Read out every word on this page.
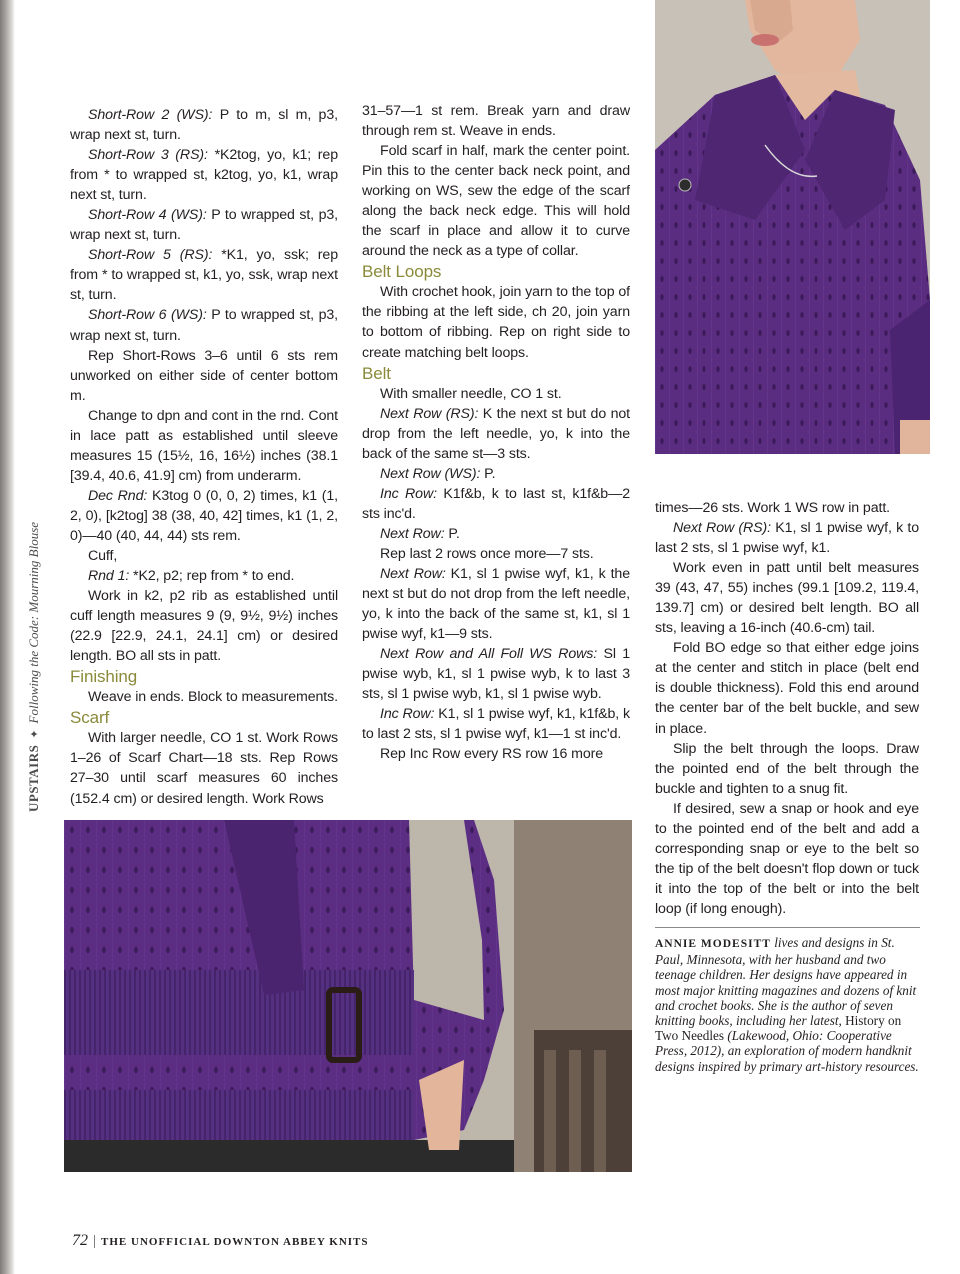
UPSTAIRS✦Following the Code: Mourning Blouse

Short-Row 2 (WS): P to m, sl m, p3, wrap next st, turn.

Short-Row 3 (RS): *K2tog, yo, k1; rep from * to wrapped st, k2tog, yo, k1, wrap next st, turn.

Short-Row 4 (WS): P to wrapped st, p3, wrap next st, turn.

Short-Row 5 (RS): *K1, yo, ssk; rep from * to wrapped st, k1, yo, ssk, wrap next st, turn.

Short-Row 6 (WS): P to wrapped st, p3, wrap next st, turn.

Rep Short-Rows 3–6 until 6 sts rem unworked on either side of center bottom m.

Change to dpn and cont in the rnd. Cont in lace patt as established until sleeve measures 15 (15½, 16, 16½) inches (38.1 [39.4, 40.6, 41.9] cm) from underarm.

Dec Rnd: K3tog 0 (0, 0, 2) times, k1 (1, 2, 0), [k2tog] 38 (38, 40, 42] times, k1 (1, 2, 0)—40 (40, 44, 44) sts rem.

Cuff,

Rnd 1: *K2, p2; rep from * to end.

Work in k2, p2 rib as established until cuff length measures 9 (9, 9½, 9½) inches (22.9 [22.9, 24.1, 24.1] cm) or desired length. BO all sts in patt.

Finishing

Weave in ends. Block to measurements.

Scarf

With larger needle, CO 1 st. Work Rows 1–26 of Scarf Chart—18 sts. Rep Rows 27–30 until scarf measures 60 inches (152.4 cm) or desired length. Work Rows

31–57—1 st rem. Break yarn and draw through rem st. Weave in ends.

Fold scarf in half, mark the center point. Pin this to the center back neck point, and working on WS, sew the edge of the scarf along the back neck edge. This will hold the scarf in place and allow it to curve around the neck as a type of collar.

Belt Loops

With crochet hook, join yarn to the top of the ribbing at the left side, ch 20, join yarn to bottom of ribbing. Rep on right side to create matching belt loops.

Belt

With smaller needle, CO 1 st.

Next Row (RS): K the next st but do not drop from the left needle, yo, k into the back of the same st—3 sts.

Next Row (WS): P.

Inc Row: K1f&b, k to last st, k1f&b—2 sts inc'd.

Next Row: P.

Rep last 2 rows once more—7 sts.

Next Row: K1, sl 1 pwise wyf, k1, k the next st but do not drop from the left needle, yo, k into the back of the same st, k1, sl 1 pwise wyf, k1—9 sts.

Next Row and All Foll WS Rows: Sl 1 pwise wyb, k1, sl 1 pwise wyb, k to last 3 sts, sl 1 pwise wyb, k1, sl 1 pwise wyb.

Inc Row: K1, sl 1 pwise wyf, k1, k1f&b, k to last 2 sts, sl 1 pwise wyf, k1—1 st inc'd.

Rep Inc Row every RS row 16 more

times—26 sts. Work 1 WS row in patt.

Next Row (RS): K1, sl 1 pwise wyf, k to last 2 sts, sl 1 pwise wyf, k1.

Work even in patt until belt measures 39 (43, 47, 55) inches (99.1 [109.2, 119.4, 139.7] cm) or desired belt length. BO all sts, leaving a 16-inch (40.6-cm) tail.

Fold BO edge so that either edge joins at the center and stitch in place (belt end is double thickness). Fold this end around the center bar of the belt buckle, and sew in place.

Slip the belt through the loops. Draw the pointed end of the belt through the buckle and tighten to a snug fit.

If desired, sew a snap or hook and eye to the pointed end of the belt and add a corresponding snap or eye to the belt so the tip of the belt doesn't flop down or tuck it into the top of the belt or into the belt loop (if long enough).

ANNIE MODESITT lives and designs in St. Paul, Minnesota, with her husband and two teenage children. Her designs have appeared in most major knitting magazines and dozens of knit and crochet books. She is the author of seven knitting books, including her latest, History on Two Needles (Lakewood, Ohio: Cooperative Press, 2012), an exploration of modern handknit designs inspired by primary art-history resources.
72 | THE UNOFFICIAL DOWNTON ABBEY KNITS
